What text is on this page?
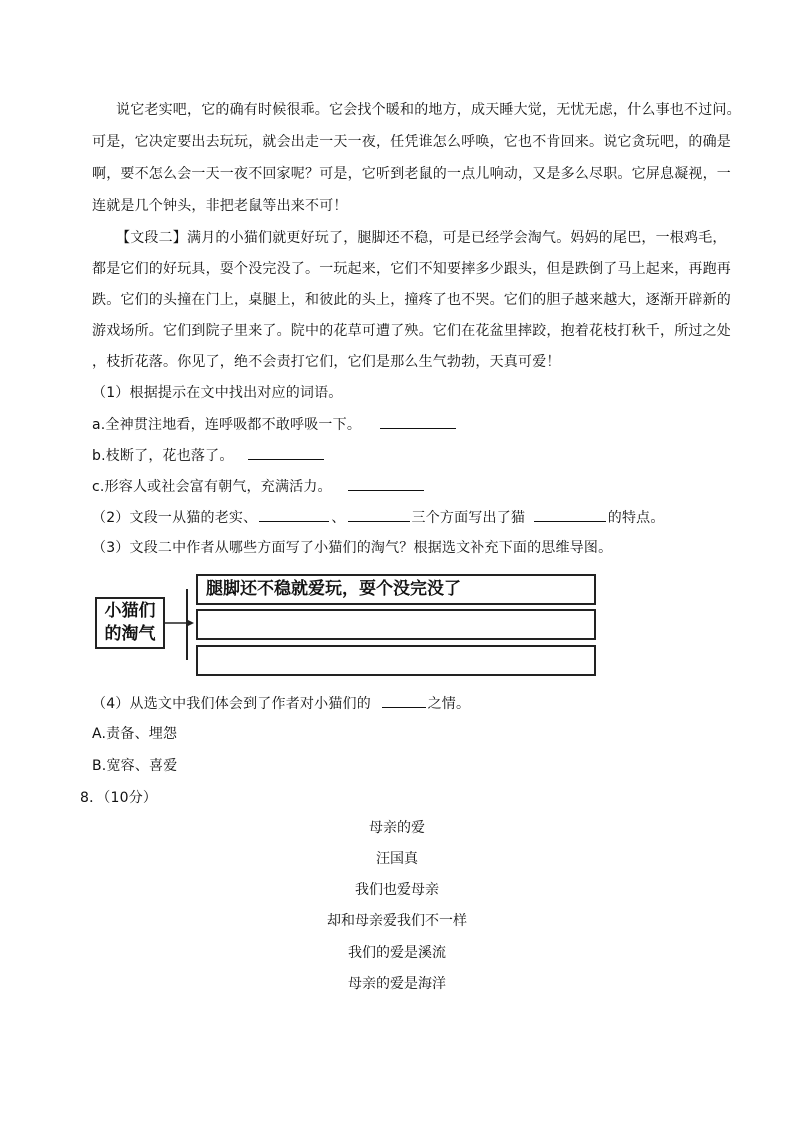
说它老实吧，它的确有时候很乖。它会找个暖和的地方，成天睡大觉，无忧无虑，什么事也不过问。
可是，它决定要出去玩玩，就会出走一天一夜，任凭谁怎么呼唤，它也不肯回来。说它贪玩吧，的确是
啊，要不怎么会一天一夜不回家呢？可是，它听到老鼠的一点儿响动，又是多么尽职。它屏息凝视，一
连就是几个钟头，非把老鼠等出来不可！
【文段二】满月的小猫们就更好玩了，腿脚还不稳，可是已经学会淘气。妈妈的尾巴，一根鸡毛，
都是它们的好玩具，耍个没完没了。一玩起来，它们不知要摔多少跟头，但是跌倒了马上起来，再跑再
跌。它们的头撞在门上，桌腿上，和彼此的头上，撞疼了也不哭。它们的胆子越来越大，逐渐开辟新的
游戏场所。它们到院子里来了。院中的花草可遭了殃。它们在花盆里摔跤，抱着花枝打秋千，所过之处
，枝折花落。你见了，绝不会责打它们，它们是那么生气勃勃，天真可爱！
（1）根据提示在文中找出对应的词语。
a.全神贯注地看，连呼吸都不敢呼吸一下。
b.枝断了，花也落了。
c.形容人或社会富有朝气，充满活力。
（2）文段一从猫的老实、	、	三个方面写出了猫	的特点。
（3）文段二中作者从哪些方面写了小猫们的淘气？根据选文补充下面的思维导图。
小猫们
的淘气
腿脚还不稳就爱玩，耍个没完没了
（4）从选文中我们体会到了作者对小猫们的	之情。
A.责备、埋怨
B.宽容、喜爱
8．（10分）
母亲的爱
汪国真
我们也爱母亲
却和母亲爱我们不一样
我们的爱是溪流
母亲的爱是海洋
